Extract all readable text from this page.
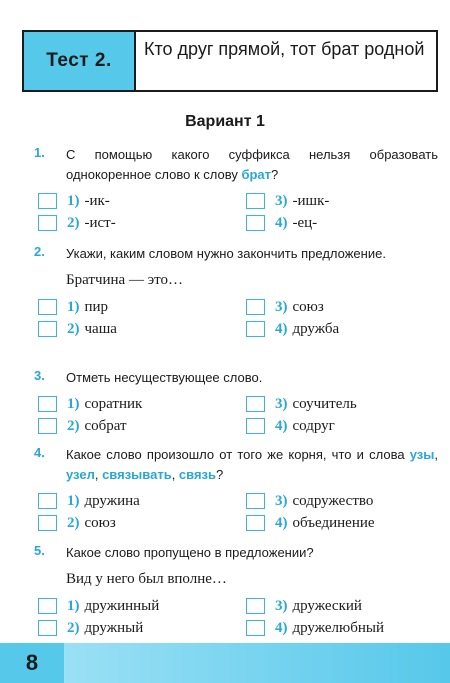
Тест 2.
Кто друг прямой, тот брат родной
Вариант 1
1. С помощью какого суффикса нельзя образовать однокоренное слово к слову брат?
1) -ик-
2) -ист-
3) -ишк-
4) -ец-
2. Укажи, каким словом нужно закончить предложение.
Братчина — это…
1) пир
2) чаша
3) союз
4) дружба
3. Отметь несуществующее слово.
1) соратник
2) собрат
3) соучитель
4) содруг
4. Какое слово произошло от того же корня, что и слова узы, узел, связывать, связь?
1) дружина
2) союз
3) содружество
4) объединение
5. Какое слово пропущено в предложении?
Вид у него был вполне…
1) дружинный
2) дружный
3) дружеский
4) дружелюбный
8
